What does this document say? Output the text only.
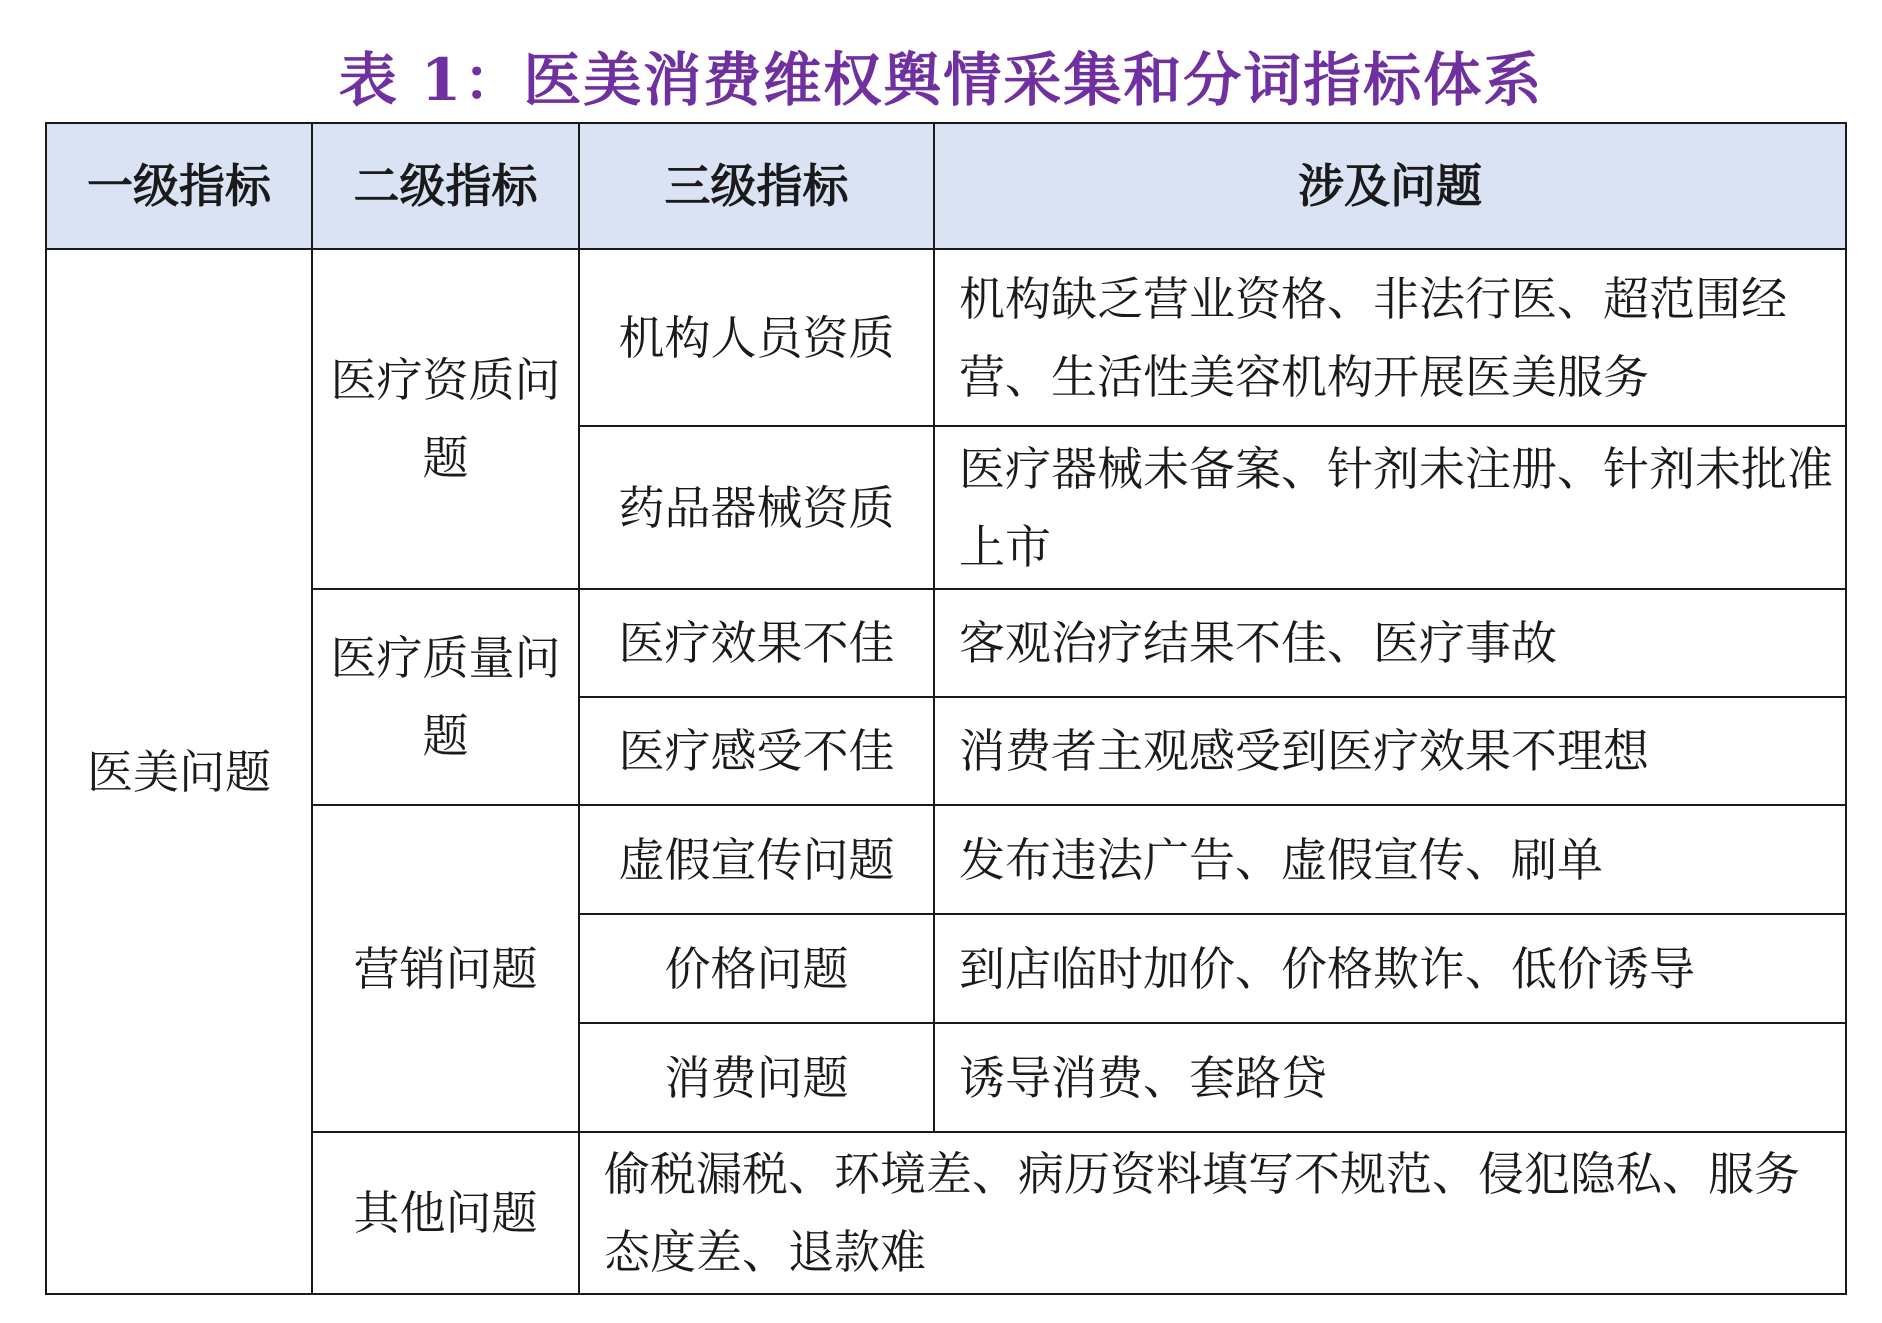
表 1：医美消费维权舆情采集和分词指标体系
一级指标	二级指标	三级指标	涉及问题
医美问题	医疗资质问题	机构人员资质	机构缺乏营业资格、非法行医、超范围经营、生活性美容机构开展医美服务
		药品器械资质	医疗器械未备案、针剂未注册、针剂未批准上市
	医疗质量问题	医疗效果不佳	客观治疗结果不佳、医疗事故
		医疗感受不佳	消费者主观感受到医疗效果不理想
	营销问题	虚假宣传问题	发布违法广告、虚假宣传、刷单
		价格问题	到店临时加价、价格欺诈、低价诱导
		消费问题	诱导消费、套路贷
	其他问题	偷税漏税、环境差、病历资料填写不规范、侵犯隐私、服务态度差、退款难	
